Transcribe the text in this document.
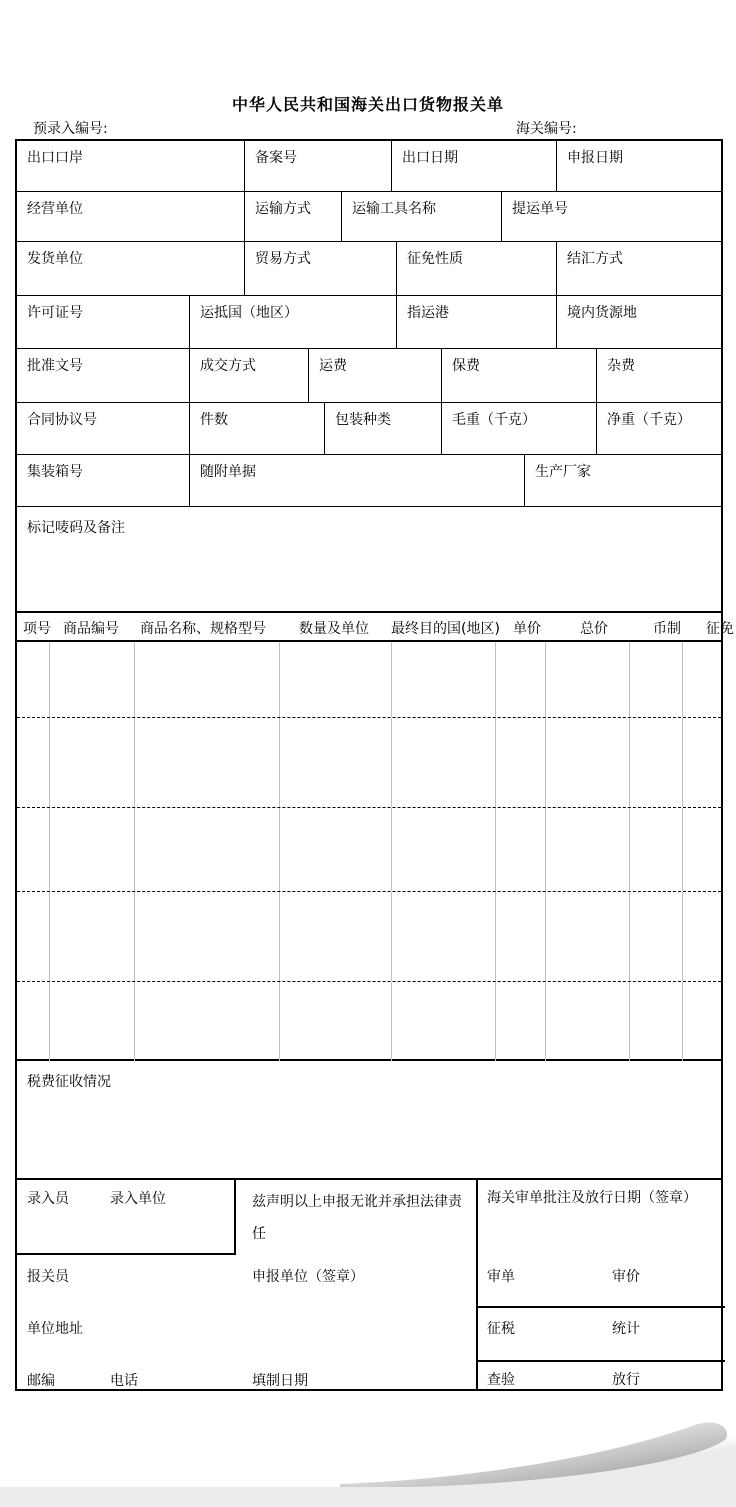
中华人民共和国海关出口货物报关单
预录入编号:	海关编号:
出口口岸	备案号	出口日期	申报日期
经营单位	运输方式	运输工具名称	提运单号
发货单位	贸易方式	征免性质	结汇方式
许可证号	运抵国（地区）	指运港	境内货源地
批准文号	成交方式	运费	保费	杂费
合同协议号	件数	包装种类	毛重（千克）	净重（千克）
集装箱号	随附单据	生产厂家
标记唛码及备注
项号 商品编号 商品名称、规格型号 数量及单位 最终目的国(地区) 单价	总价	币制 征免
税费征收情况
录入员	录入单位	兹声明以上申报无讹并承担法律责任
海关审单批注及放行日期（签章）
报关员	申报单位（签章）	审单	审价
单位地址	征税	统计
邮编	电话	填制日期	查验	放行
